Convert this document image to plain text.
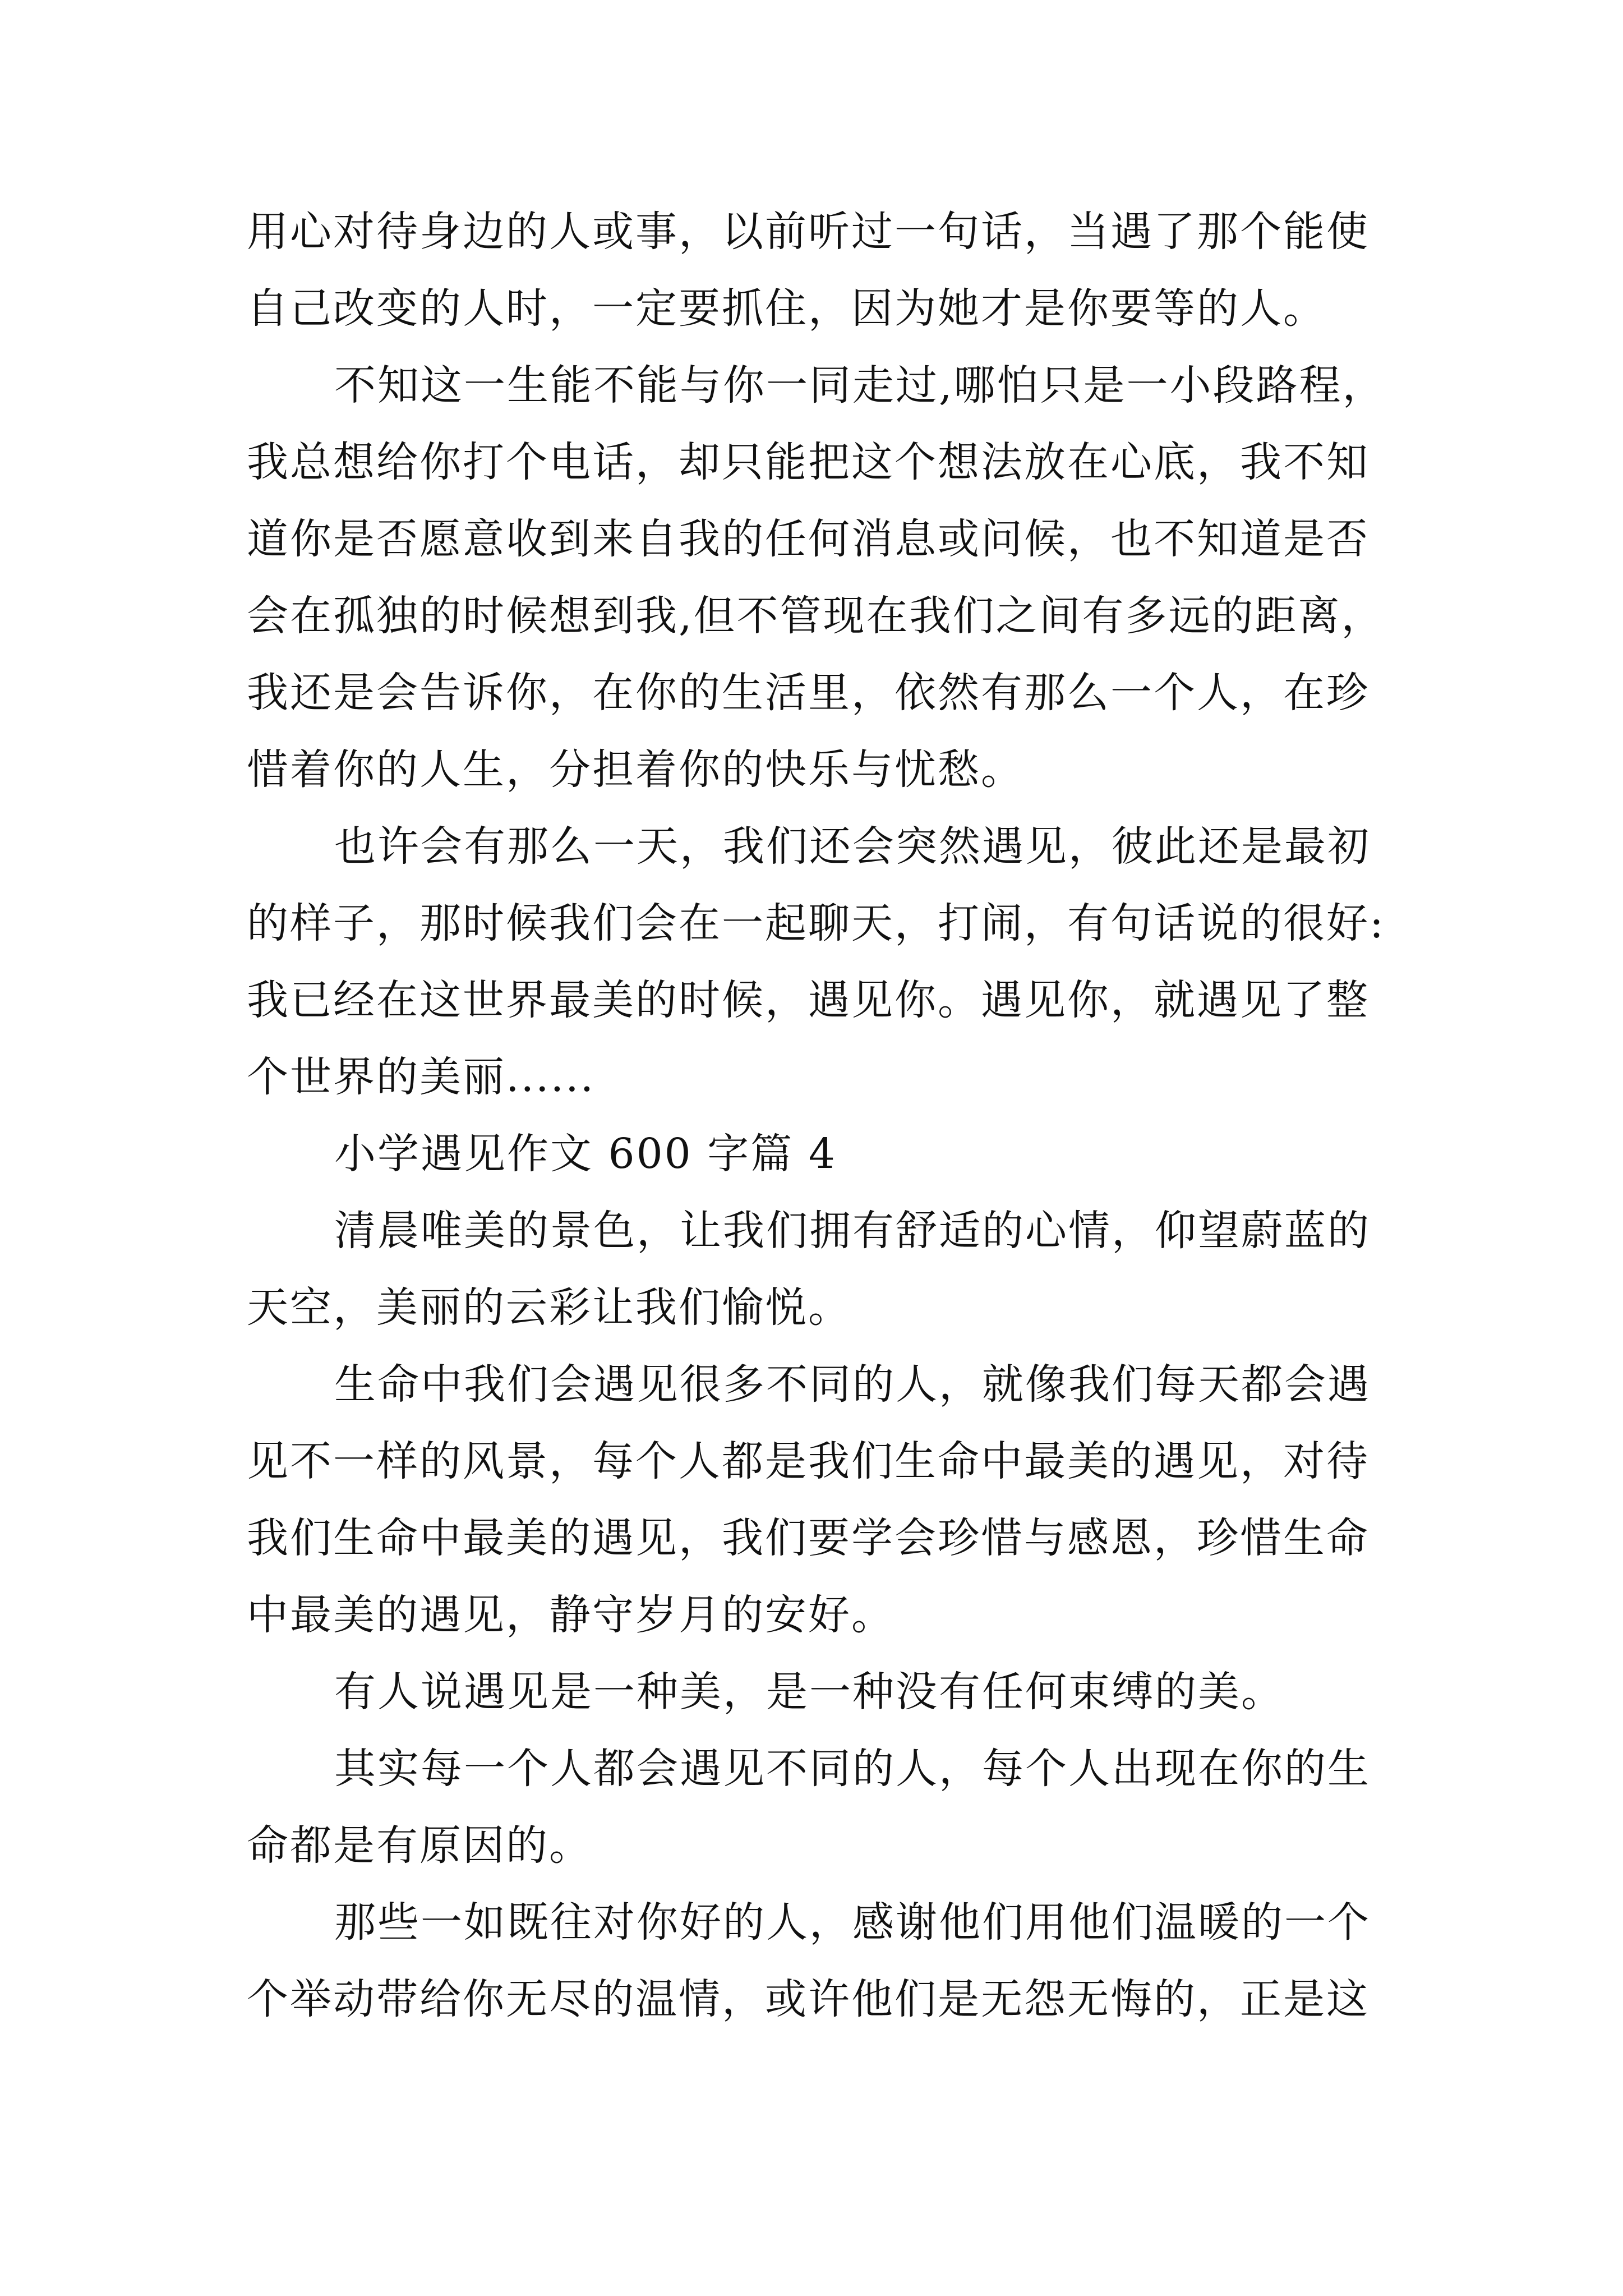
用心对待身边的人或事，以前听过一句话，当遇了那个能使
自己改变的人时，一定要抓住，因为她才是你要等的人。
不知这一生能不能与你一同走过,哪怕只是一小段路程，
我总想给你打个电话，却只能把这个想法放在心底，我不知
道你是否愿意收到来自我的任何消息或问候，也不知道是否
会在孤独的时候想到我,但不管现在我们之间有多远的距离，
我还是会告诉你，在你的生活里，依然有那么一个人，在珍
惜着你的人生，分担着你的快乐与忧愁。
也许会有那么一天，我们还会突然遇见，彼此还是最初
的样子，那时候我们会在一起聊天，打闹，有句话说的很好:
我已经在这世界最美的时候，遇见你。遇见你，就遇见了整
个世界的美丽......
小学遇见作文 600 字篇 4
清晨唯美的景色，让我们拥有舒适的心情，仰望蔚蓝的
天空，美丽的云彩让我们愉悦。
生命中我们会遇见很多不同的人，就像我们每天都会遇
见不一样的风景，每个人都是我们生命中最美的遇见，对待
我们生命中最美的遇见，我们要学会珍惜与感恩，珍惜生命
中最美的遇见，静守岁月的安好。
有人说遇见是一种美，是一种没有任何束缚的美。
其实每一个人都会遇见不同的人，每个人出现在你的生
命都是有原因的。
那些一如既往对你好的人，感谢他们用他们温暖的一个
个举动带给你无尽的温情，或许他们是无怨无悔的，正是这
